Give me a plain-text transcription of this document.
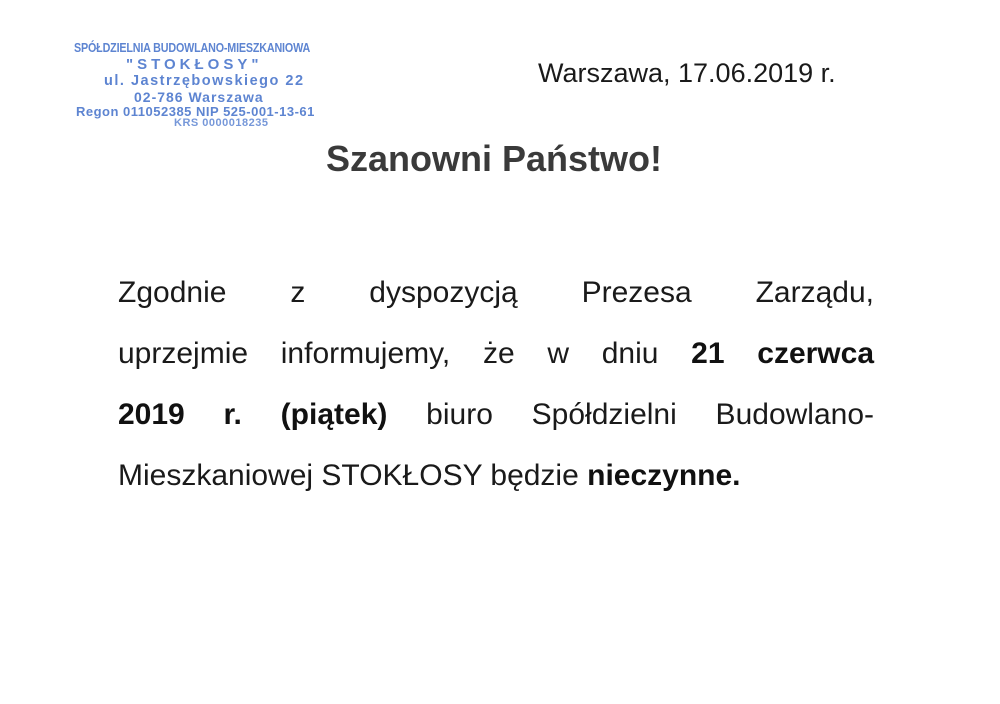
SPÓŁDZIELNIA BUDOWLANO-MIESZKANIOWA
"STOKŁOSY"
ul. Jastrzębowskiego 22
02-786 Warszawa
Regon 011052385 NIP 525-001-13-61
KRS 0000018235
Warszawa, 17.06.2019 r.
Szanowni Państwo!
Zgodnie z dyspozycją Prezesa Zarządu,
uprzejmie informujemy, że w dniu 21 czerwca
2019 r. (piątek) biuro Spółdzielni Budowlano-
Mieszkaniowej STOKŁOSY będzie nieczynne.
